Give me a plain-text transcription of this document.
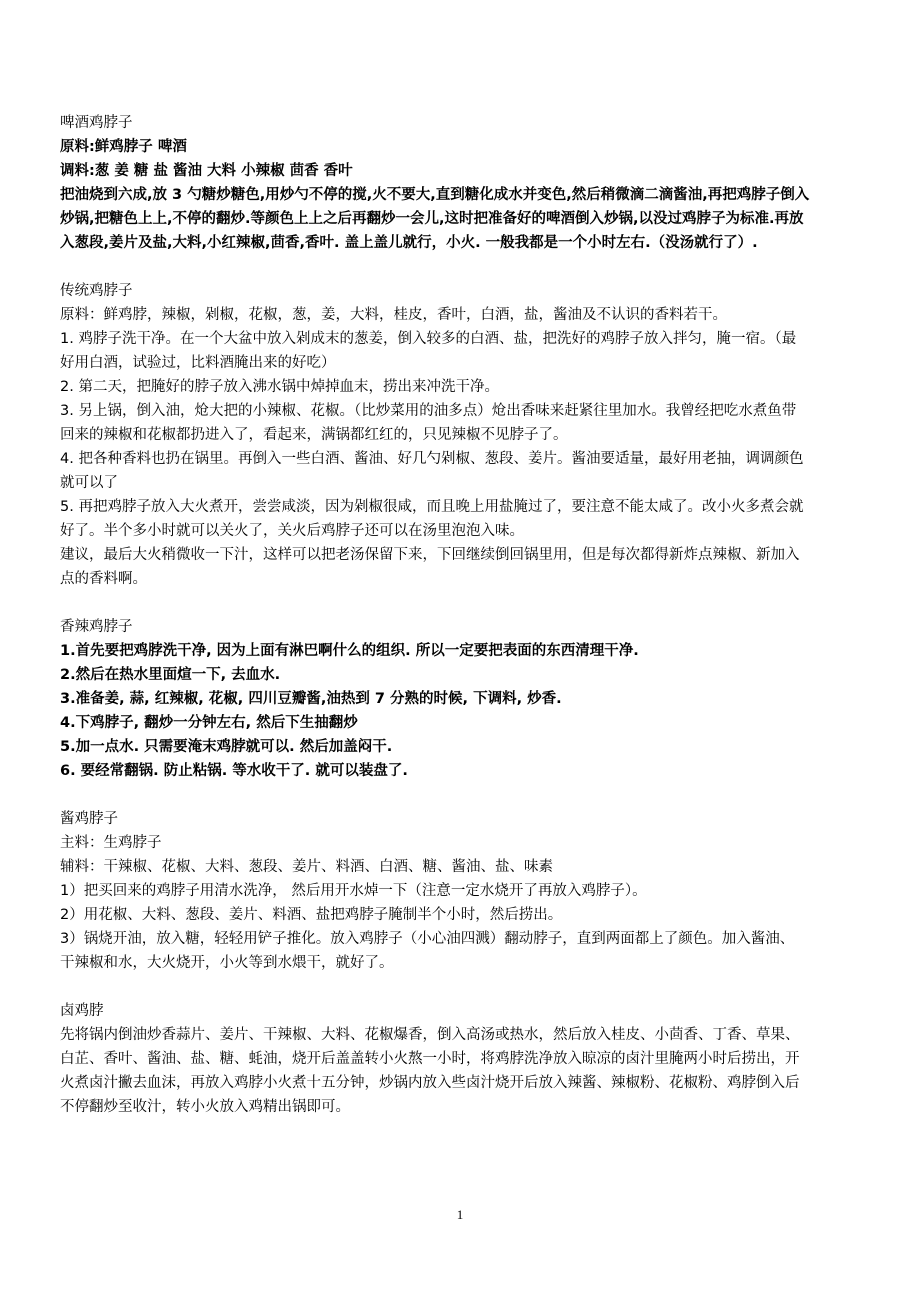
啤酒鸡脖子
原料:鲜鸡脖子 啤酒
调料:葱 姜 糖 盐 酱油 大料 小辣椒 茴香 香叶
把油烧到六成,放 3 勺糖炒糖色,用炒勺不停的搅,火不要大,直到糖化成水并变色,然后稍微滴二滴酱油,再把鸡脖子倒入
炒锅,把糖色上上,不停的翻炒.等颜色上上之后再翻炒一会儿,这时把准备好的啤酒倒入炒锅,以没过鸡脖子为标准.再放
入葱段,姜片及盐,大料,小红辣椒,茴香,香叶. 盖上盖儿就行，小火. 一般我都是一个小时左右.（没汤就行了）.
传统鸡脖子
原料：鲜鸡脖，辣椒，剁椒，花椒，葱，姜，大料，桂皮，香叶，白酒，盐，酱油及不认识的香料若干。
1. 鸡脖子洗干净。在一个大盆中放入剁成末的葱姜，倒入较多的白酒、盐，把洗好的鸡脖子放入拌匀，腌一宿。（最
好用白酒，试验过，比料酒腌出来的好吃）
2. 第二天，把腌好的脖子放入沸水锅中焯掉血末，捞出来冲洗干净。
3. 另上锅，倒入油，炝大把的小辣椒、花椒。（比炒菜用的油多点）炝出香味来赶紧往里加水。我曾经把吃水煮鱼带
回来的辣椒和花椒都扔进入了，看起来，满锅都红红的，只见辣椒不见脖子了。
4. 把各种香料也扔在锅里。再倒入一些白酒、酱油、好几勺剁椒、葱段、姜片。酱油要适量，最好用老抽，调调颜色
就可以了
5. 再把鸡脖子放入大火煮开，尝尝咸淡，因为剁椒很咸，而且晚上用盐腌过了，要注意不能太咸了。改小火多煮会就
好了。半个多小时就可以关火了，关火后鸡脖子还可以在汤里泡泡入味。
建议，最后大火稍微收一下汁，这样可以把老汤保留下来，下回继续倒回锅里用，但是每次都得新炸点辣椒、新加入
点的香料啊。
香辣鸡脖子
1.首先要把鸡脖洗干净, 因为上面有淋巴啊什么的组织. 所以一定要把表面的东西清理干净.
2.然后在热水里面煊一下, 去血水.
3.准备姜, 蒜, 红辣椒, 花椒, 四川豆瓣酱,油热到 7 分熟的时候, 下调料, 炒香.
4.下鸡脖子, 翻炒一分钟左右, 然后下生抽翻炒
5.加一点水. 只需要淹末鸡脖就可以. 然后加盖闷干.
6. 要经常翻锅. 防止粘锅. 等水收干了. 就可以装盘了.
酱鸡脖子
主料：生鸡脖子
辅料：干辣椒、花椒、大料、葱段、姜片、料酒、白酒、糖、酱油、盐、味素
1）把买回来的鸡脖子用清水洗净， 然后用开水焯一下（注意一定水烧开了再放入鸡脖子）。
2）用花椒、大料、葱段、姜片、料酒、盐把鸡脖子腌制半个小时，然后捞出。
3）锅烧开油，放入糖，轻轻用铲子推化。放入鸡脖子（小心油四溅）翻动脖子，直到两面都上了颜色。加入酱油、
干辣椒和水，大火烧开，小火等到水煨干，就好了。
卤鸡脖
先将锅内倒油炒香蒜片、姜片、干辣椒、大料、花椒爆香，倒入高汤或热水，然后放入桂皮、小茴香、丁香、草果、
白芷、香叶、酱油、盐、糖、蚝油，烧开后盖盖转小火熬一小时，将鸡脖洗净放入晾凉的卤汁里腌两小时后捞出，开
火煮卤汁撇去血沫，再放入鸡脖小火煮十五分钟，炒锅内放入些卤汁烧开后放入辣酱、辣椒粉、花椒粉、鸡脖倒入后
不停翻炒至收汁，转小火放入鸡精出锅即可。
1
